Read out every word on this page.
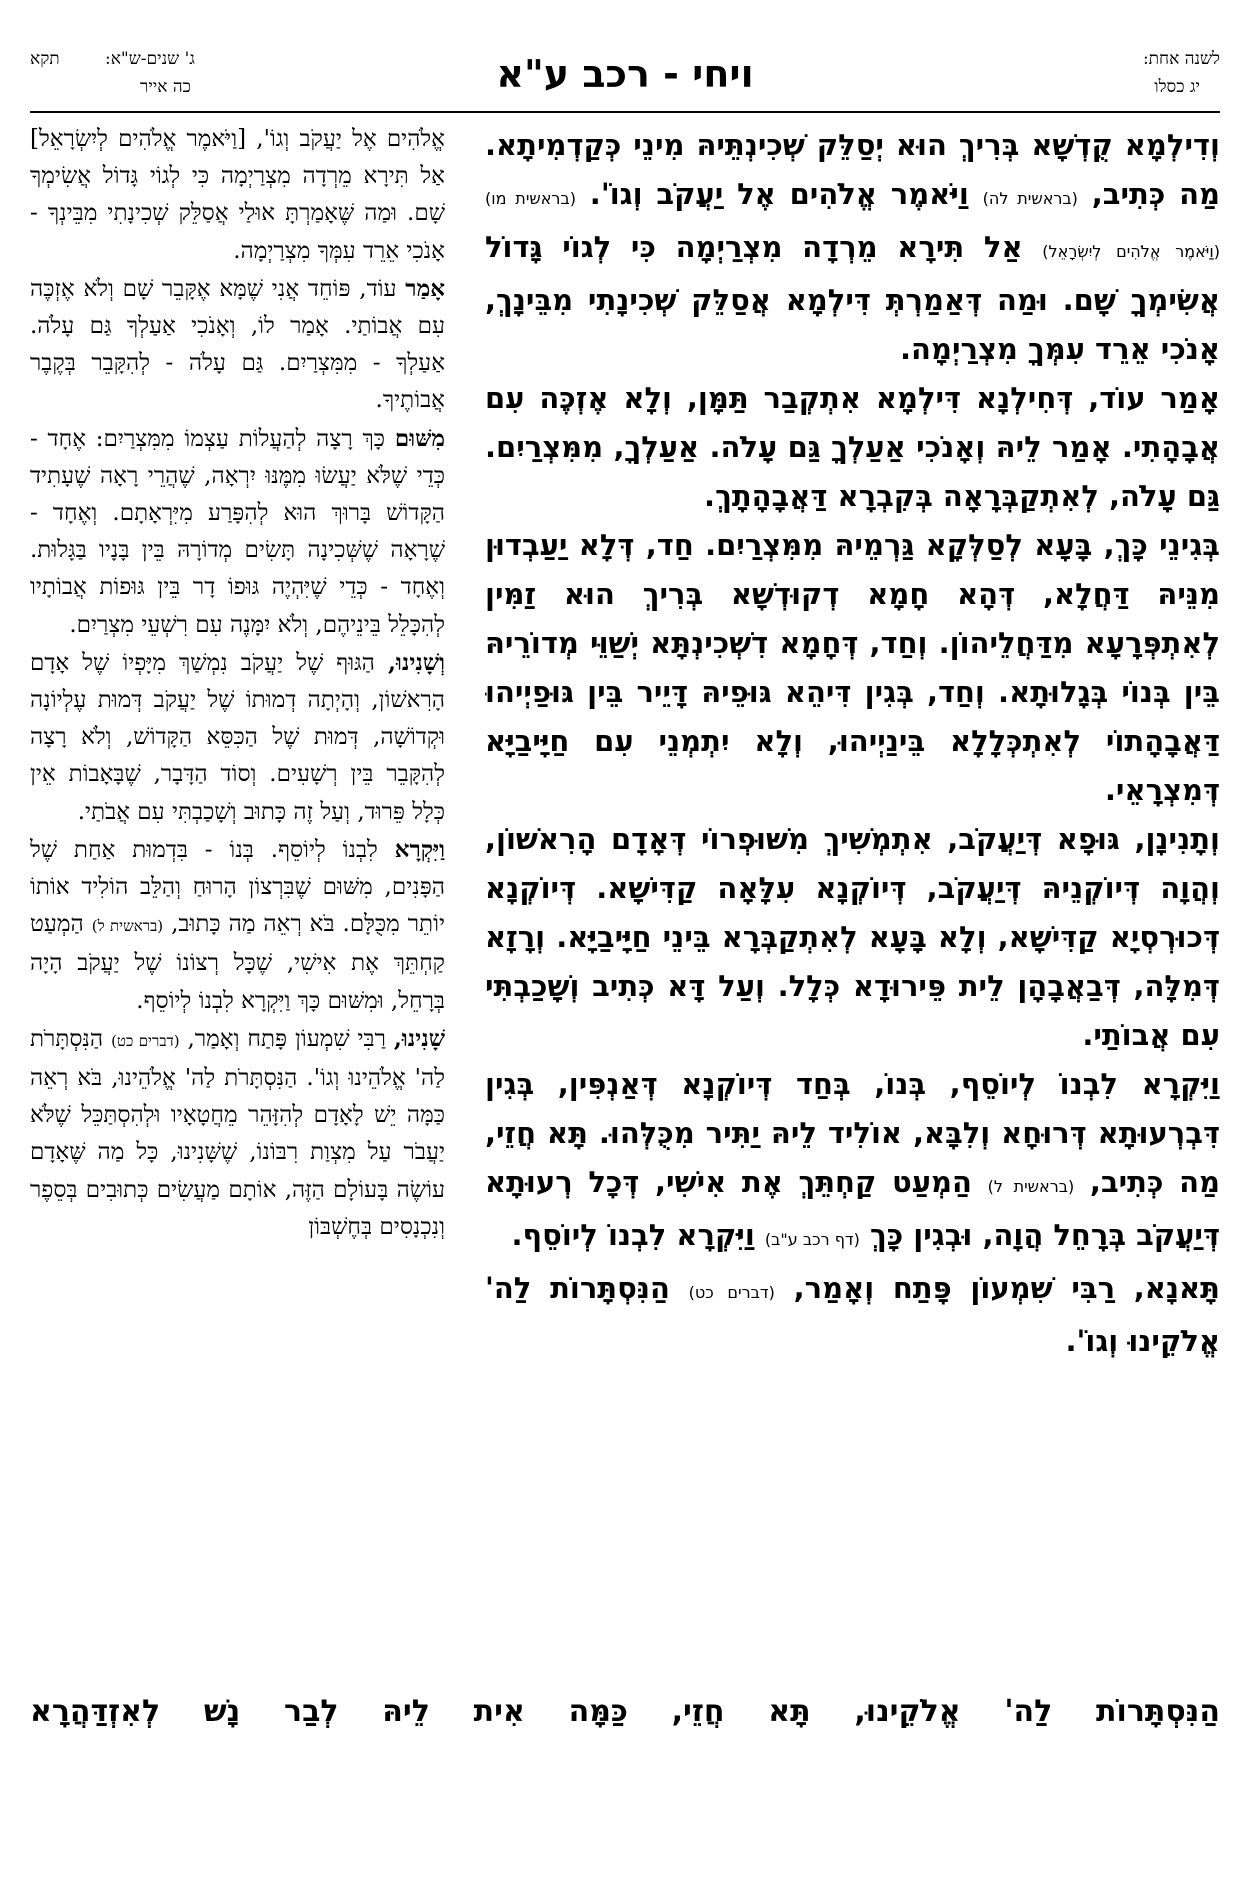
תקא	ג' שנים-ש"א:
כה אייר	ויחי - רכב ע"א	לשנה אחת:
יג כסלו

וְדִילְמָא קֻדְשָׁא בְּרִיךְ הוּא יְסַלֵּק שְׁכִינְתֵּיהּ מִינֵי כְּקַדְמִיתָא. מַה כְּתִיב, (בראשית לה) וַיֹּאמֶר אֱלֹהִים אֶל יַעֲקֹב וְגוֹ'. (בראשית מו) (וַיֹּאמֶר אֱלֹהִים לְיִשְׂרָאֵל) אַל תִּירָא מֵרְדָה מִצְרַיְמָה כִּי לְגוֹי גָּדוֹל אֲשִׂימְךָ שָׁם. וּמַה דְּאַמַרְתְּ דִּילְמָא אֲסַלֵּק שְׁכִינָתִי מִבֵּינָךְ, אָנֹכִי אֵרֵד עִמְּךָ מִצְרַיְמָה.

אָמַר עוֹד, דְּחִילְנָא דִּילְמָא אִתְקְבַר תַּמָּן, וְלָא אֶזְכֶּה עִם אֲבָהָתִי. אָמַר לֵיהּ וְאָנֹכִי אַעַלְךָ גַּם עָלֹה. אַעַלְךָ, מִמִּצְרַיִם. גַּם עָלֹה, לְאִתְקַבְּרָאָה בְּקִבְרָא דַּאֲבָהָתָךְ.

בְּגִינֵי כָּךְ, בָּעָא לְסַלְּקָא גַּרְמֵיהּ מִמִּצְרַיִם. חַד, דְּלָא יַעַבְדוּן מִנֵּיהּ דַּחֲלָא, דְּהָא חָמָא דְקוּדְשָׁא בְּרִיךְ הוּא זַמִּין לְאִתְפְּרָעָא מִדַּחֲלֵיהוֹן. וְחַד, דְּחָמָא דִשְׁכִינְתָּא יְשַׁוֵּי מְדוֹרֵיהּ בֵּין בְּנוֹי בְּגָלוּתָא. וְחַד, בְּגִין דִּיהֵא גּוּפֵיהּ דָּיֵיר בֵּין גּוּפַיְיהוּ דַּאֲבָהָתוֹי לְאִתְכְּלָלָא בֵּינַיְיהוּ, וְלָא יִתְמְנֵי עִם חַיָּיבַיָּא דְּמִצְרָאֵי.

וְתָנִינָן, גּוּפָא דְּיַעֲקֹב, אִתְמְשִׁיךְ מִשּׁוּפְרוֹי דְּאָדָם הָרִאשׁוֹן, וְהֲוָה דְּיוֹקְנֵיהּ דְּיַעֲקֹב, דְּיוֹקְנָא עִלָּאָה קַדִּישָׁא. דְּיוֹקְנָא דְּכוּרְסְיָא קַדִּישָׁא, וְלָא בָּעָא לְאִתְקַבְּרָא בֵּינֵי חַיָּיבַיָּא. וְרָזָא דְּמִלָּה, דְּבַאֲבָהָן לֵית פֵּירוּדָא כְּלָל. וְעַל דָּא כְּתִיב וְשָׁכַבְתִּי עִם אֲבוֹתַי.

וַיִּקְרָא לִבְנוֹ לְיוֹסֵף, בְּנוֹ, בְּחַד דְּיוֹקְנָא דְּאַנְפִּין, בְּגִין דִּבְרְעוּתָא דְּרוּחָא וְלִבָּא, אוֹלִיד לֵיהּ יַתִּיר מִכֻּלְּהוּ. תָּא חֲזֵי, מַה כְּתִיב, (בראשית ל) הַמְעַט קַחְתֵּךְ אֶת אִישִׁי, דְּכָל רְעוּתָא דְּיַעֲקֹב בְּרָחֵל הֲוָה, וּבְגִין כָּךְ (דף רכב ע"ב) וַיִּקְרָא לִבְנוֹ לְיוֹסֵף.

תָּאנָא, רַבִּי שִׁמְעוֹן פָּתַח וְאָמַר, (דברים כט) הַנִּסְתָּרוֹת לַה' אֱלֹקֵינוּ וְגוֹ'.

אֱלֹהִים אֶל יַעֲקֹב וְגוֹ', [וַיֹּאמֶר אֱלֹהִים לְיִשְׂרָאֵל] אַל תִּירָא מֵרְדָה מִצְרַיְמָה כִּי לְגוֹי גָּדוֹל אֲשִׂימְךָ שָׁם. וּמַה שֶּׁאָמַרְתָּ אוּלַי אֲסַלֵּק שְׁכִינָתִי מִבֵּינְךָ - אָנֹכִי אֵרֵד עִמְּךָ מִצְרַיְמָה.

אָמַר עוֹד, פּוֹחֵד אֲנִי שֶׁמָּא אֶקָּבֵר שָׁם וְלֹא אֶזְכֶּה עִם אֲבוֹתַי. אָמַר לוֹ, וְאָנֹכִי אַעַלְךָ גַּם עָלֹה. אַעַלְךָ - מִמִּצְרַיִם. גַּם עָלֹה - לְהִקָּבֵר בְּקֶבֶר אֲבוֹתֶיךָ.

מִשּׁוּם כָּךְ רָצָה לְהַעֲלוֹת עַצְמוֹ מִמִּצְרַיִם: אֶחָד - כְּדֵי שֶׁלֹּא יַעֲשׂוּ מִמֶּנּוּ יִרְאָה, שֶׁהֲרֵי רָאָה שֶׁעָתִיד הַקָּדוֹשׁ בָּרוּךְ הוּא לְהִפָּרַע מִיִּרְאָתָם. וְאֶחָד - שֶׁרָאָה שֶׁשְּׁכִינָה תָּשִׂים מְדוֹרָהּ בֵּין בָּנָיו בַּגָּלוּת. וְאֶחָד - כְּדֵי שֶׁיִּהְיֶה גּוּפוֹ דָר בֵּין גּוּפוֹת אֲבוֹתָיו לְהִכָּלֵל בֵּינֵיהֶם, וְלֹא יִמָּנֶה עִם רִשְׁעֵי מִצְרַיִם.

וְשָׁנִינוּ, הַגּוּף שֶׁל יַעֲקֹב נִמְשַׁךְ מִיָּפְיוֹ שֶׁל אָדָם הָרִאשׁוֹן, וְהָיְתָה דְמוּתוֹ שֶׁל יַעֲקֹב דְּמוּת עֶלְיוֹנָה וּקְדוֹשָׁה, דְּמוּת שֶׁל הַכִּסֵּא הַקָּדוֹשׁ, וְלֹא רָצָה לְהִקָּבֵר בֵּין רְשָׁעִים. וְסוֹד הַדָּבָר, שֶׁבָּאָבוֹת אֵין כְּלָל פֵּרוּד, וְעַל זֶה כָּתוּב וְשָׁכַבְתִּי עִם אֲבֹתַי.

וַיִּקְרָא לִבְנוֹ לְיוֹסֵף. בְּנוֹ - בִּדְמוּת אַחַת שֶׁל הַפָּנִים, מִשּׁוּם שֶׁבִּרְצוֹן הָרוּחַ וְהַלֵּב הוֹלִיד אוֹתוֹ יוֹתֵר מִכֻּלָּם. בֹּא רְאֵה מַה כָּתוּב, (בראשית ל) הַמְעַט קַחְתֵּךְ אֶת אִישִׁי, שֶׁכָּל רְצוֹנוֹ שֶׁל יַעֲקֹב הָיָה בְּרָחֵל, וּמִשּׁוּם כָּךְ וַיִּקְרָא לִבְנוֹ לְיוֹסֵף.

שָׁנִינוּ, רַבִּי שִׁמְעוֹן פָּתַח וְאָמַר, (דברים כט) הַנִּסְתָּרֹת לַה' אֱלֹהֵינוּ וְגוֹ'. הַנִּסְתָּרֹת לַה' אֱלֹהֵינוּ, בֹּא רְאֵה כַּמָּה יֵשׁ לָאָדָם לְהִזָּהֵר מֵחֲטָאָיו וּלְהִסְתַּכֵּל שֶׁלֹּא יַעֲבֹר עַל מִצְוַת רִבּוֹנוֹ, שֶׁשָּׁנִינוּ, כָּל מַה שֶּׁאָדָם עוֹשֶׂה בָּעוֹלָם הַזֶּה, אוֹתָם מַעֲשִׂים כְּתוּבִים בְּסֵפֶר וְנִכְנָסִים בְּחֶשְׁבּוֹן

הַנִּסְתָּרוֹת לַה' אֱלֹקֵינוּ, תָּא חֲזֵי, כַּמָּה אִית לֵיהּ לְבַר נָשׁ לְאִזְדַּהֲרָא
